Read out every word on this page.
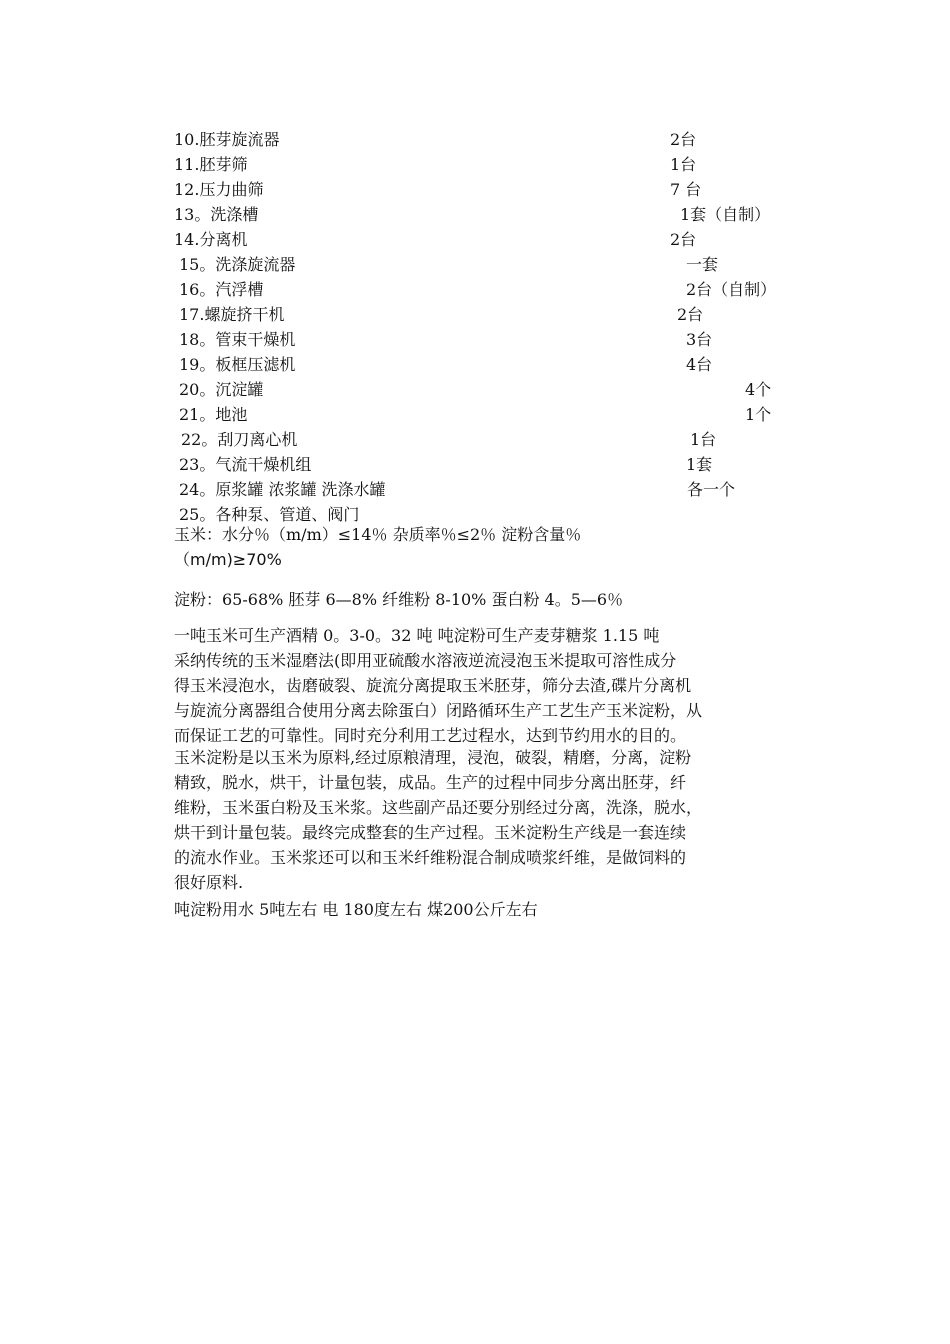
10.胚芽旋流器	2台
11.胚芽筛	1台
12.压力曲筛	7 台
13。洗涤槽	1套（自制）
14.分离机	2台
15。洗涤旋流器	一套
16。汽浮槽	2台（自制）
17.螺旋挤干机	2台
18。管束干燥机	3台
19。板框压滤机	4台
20。沉淀罐	4个
21。地池	1个
22。刮刀离心机	1台
23。气流干燥机组	1套
24。原浆罐 浓浆罐 洗涤水罐	各一个
25。各种泵、管道、阀门
玉米：水分％（m/m）≤14％ 杂质率％≤2％ 淀粉含量％
（m/m)≥70%
淀粉：65-68% 胚芽 6—8% 纤维粉 8-10% 蛋白粉 4。5—6％
一吨玉米可生产酒精 0。3-0。32 吨 吨淀粉可生产麦芽糖浆 1.15 吨
采纳传统的玉米湿磨法(即用亚硫酸水溶液逆流浸泡玉米提取可溶性成分
得玉米浸泡水，齿磨破裂、旋流分离提取玉米胚芽，筛分去渣,碟片分离机
与旋流分离器组合使用分离去除蛋白）闭路循环生产工艺生产玉米淀粉，从
而保证工艺的可靠性。同时充分利用工艺过程水，达到节约用水的目的。
玉米淀粉是以玉米为原料,经过原粮清理，浸泡，破裂，精磨，分离，淀粉
精致，脱水，烘干，计量包装，成品。生产的过程中同步分离出胚芽，纤
维粉，玉米蛋白粉及玉米浆。这些副产品还要分别经过分离，洗涤，脱水，
烘干到计量包装。最终完成整套的生产过程。玉米淀粉生产线是一套连续
的流水作业。玉米浆还可以和玉米纤维粉混合制成喷浆纤维，是做饲料的
很好原料.
吨淀粉用水 5吨左右 电 180度左右 煤200公斤左右
